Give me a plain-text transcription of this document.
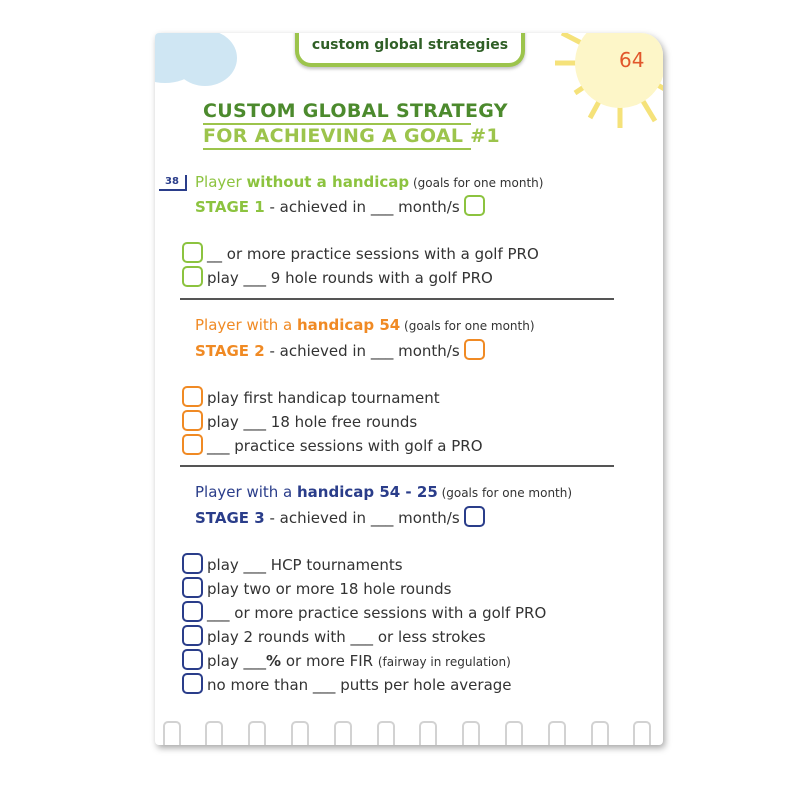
custom global strategies
64
CUSTOM GLOBAL STRATEGY
FOR ACHIEVING A GOAL #1
38	Player without a handicap (goals for one month)
STAGE 1 - achieved in ___ month/s
__ or more practice sessions with a golf PRO
play ___ 9 hole rounds with a golf PRO
Player with a handicap 54 (goals for one month)
STAGE 2 - achieved in ___ month/s
play first handicap tournament
play ___ 18 hole free rounds
___ practice sessions with golf a PRO
Player with a handicap 54 - 25 (goals for one month)
STAGE 3 - achieved in ___ month/s
play ___ HCP tournaments
play two or more 18 hole rounds
___ or more practice sessions with a golf PRO
play 2 rounds with ___ or less strokes
play ___% or more FIR (fairway in regulation)
no more than ___ putts per hole average
